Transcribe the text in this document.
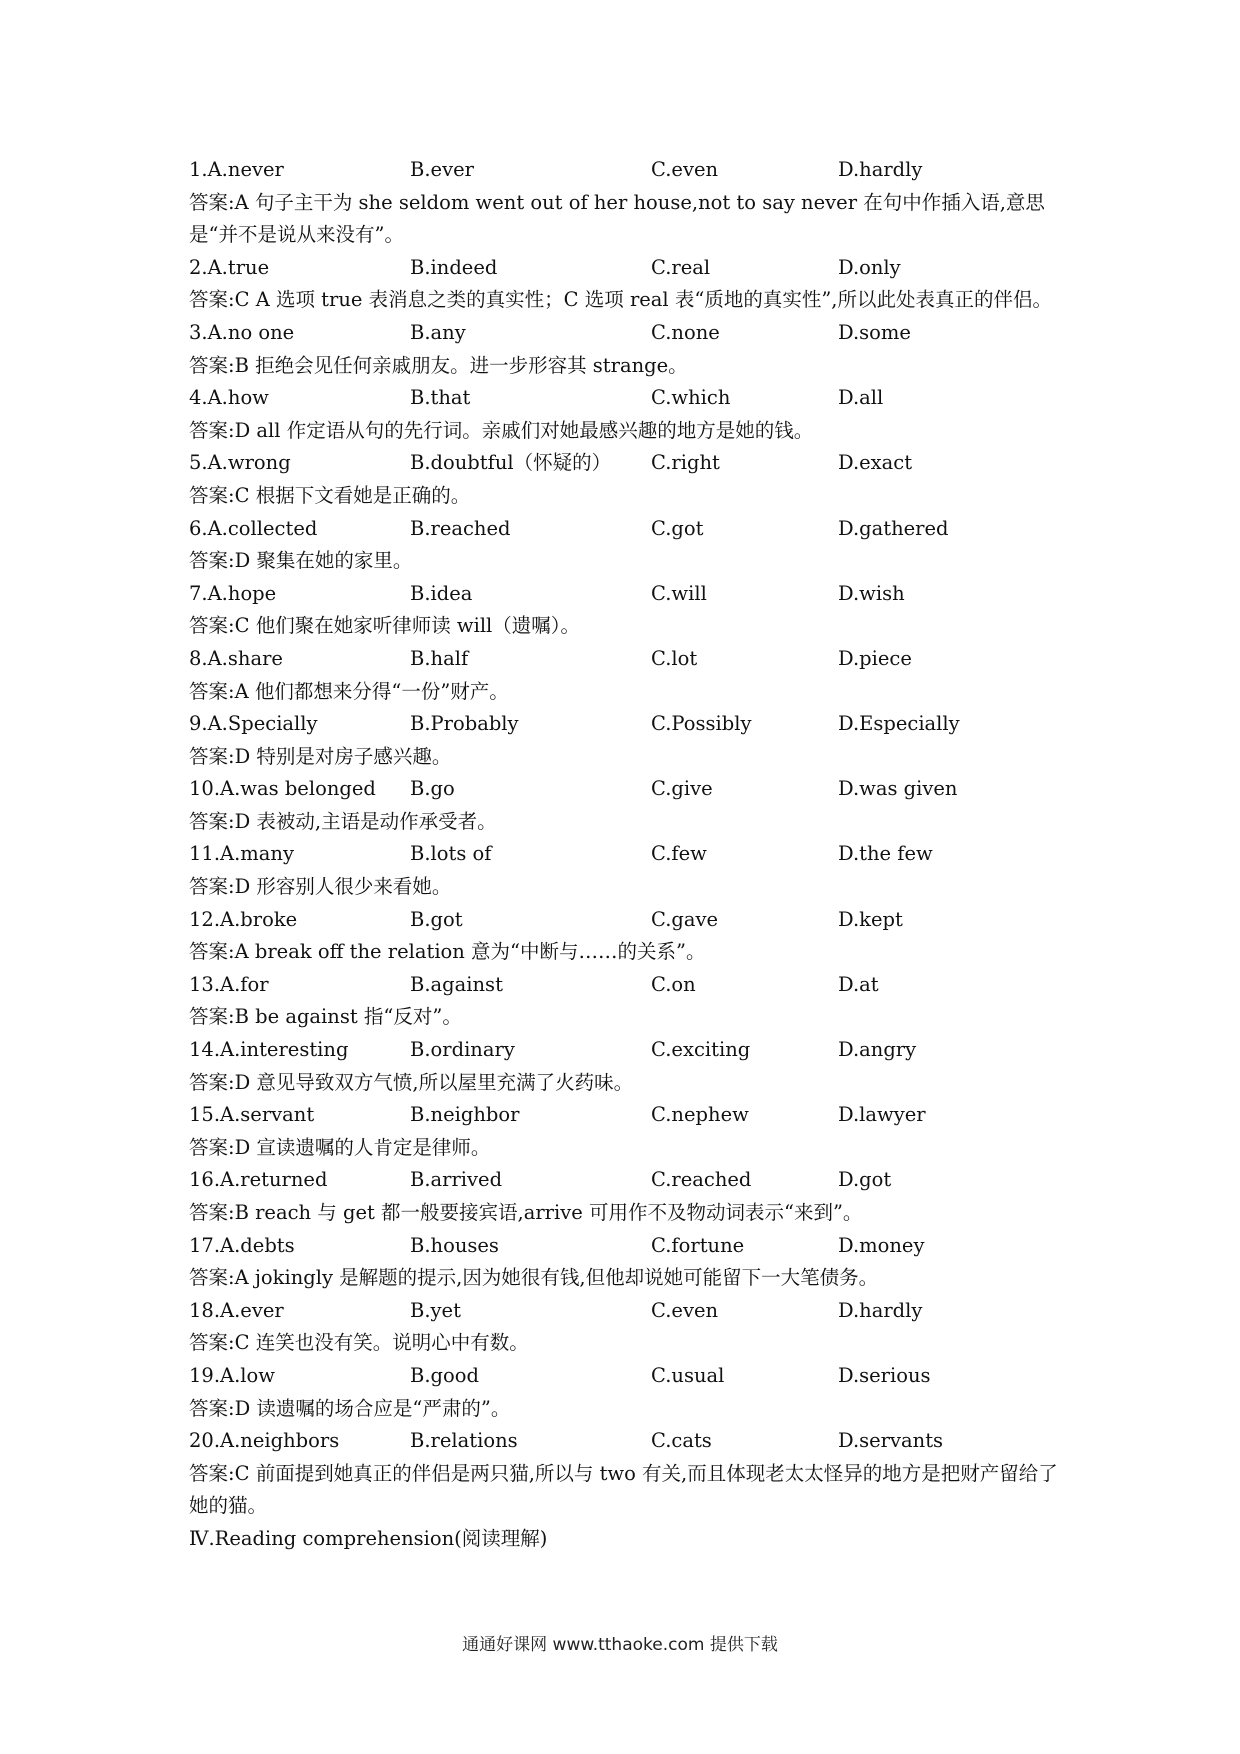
1.A.never	B.ever	C.even	D.hardly

答案:A 句子主干为 she seldom went out of her house,not to say never 在句中作插入语,意思是“并不是说从来没有”。

2.A.true	B.indeed	C.real	D.only

答案:C A 选项 true 表消息之类的真实性；C 选项 real 表“质地的真实性”,所以此处表真正的伴侣。

3.A.no one	B.any	C.none	D.some

答案:B 拒绝会见任何亲戚朋友。进一步形容其 strange。

4.A.how	B.that	C.which	D.all

答案:D all 作定语从句的先行词。亲戚们对她最感兴趣的地方是她的钱。

5.A.wrong	B.doubtful（怀疑的）	C.right	D.exact

答案:C 根据下文看她是正确的。

6.A.collected	B.reached	C.got	D.gathered

答案:D 聚集在她的家里。

7.A.hope	B.idea	C.will	D.wish

答案:C 他们聚在她家听律师读 will（遗嘱）。

8.A.share	B.half	C.lot	D.piece

答案:A 他们都想来分得“一份”财产。

9.A.Specially	B.Probably	C.Possibly	D.Especially

答案:D 特别是对房子感兴趣。

10.A.was belonged	B.go	C.give	D.was given

答案:D 表被动,主语是动作承受者。

11.A.many	B.lots of	C.few	D.the few

答案:D 形容别人很少来看她。

12.A.broke	B.got	C.gave	D.kept

答案:A break off the relation 意为“中断与……的关系”。

13.A.for	B.against	C.on	D.at

答案:B be against 指“反对”。

14.A.interesting	B.ordinary	C.exciting	D.angry

答案:D 意见导致双方气愤,所以屋里充满了火药味。

15.A.servant	B.neighbor	C.nephew	D.lawyer

答案:D 宣读遗嘱的人肯定是律师。

16.A.returned	B.arrived	C.reached	D.got

答案:B reach 与 get 都一般要接宾语,arrive 可用作不及物动词表示“来到”。

17.A.debts	B.houses	C.fortune	D.money

答案:A jokingly 是解题的提示,因为她很有钱,但他却说她可能留下一大笔债务。

18.A.ever	B.yet	C.even	D.hardly

答案:C 连笑也没有笑。说明心中有数。

19.A.low	B.good	C.usual	D.serious

答案:D 读遗嘱的场合应是“严肃的”。

20.A.neighbors	B.relations	C.cats	D.servants

答案:C 前面提到她真正的伴侣是两只猫,所以与 two 有关,而且体现老太太怪异的地方是把财产留给了她的猫。

Ⅳ.Reading comprehension(阅读理解)

通通好课网 www.tthaoke.com 提供下载
